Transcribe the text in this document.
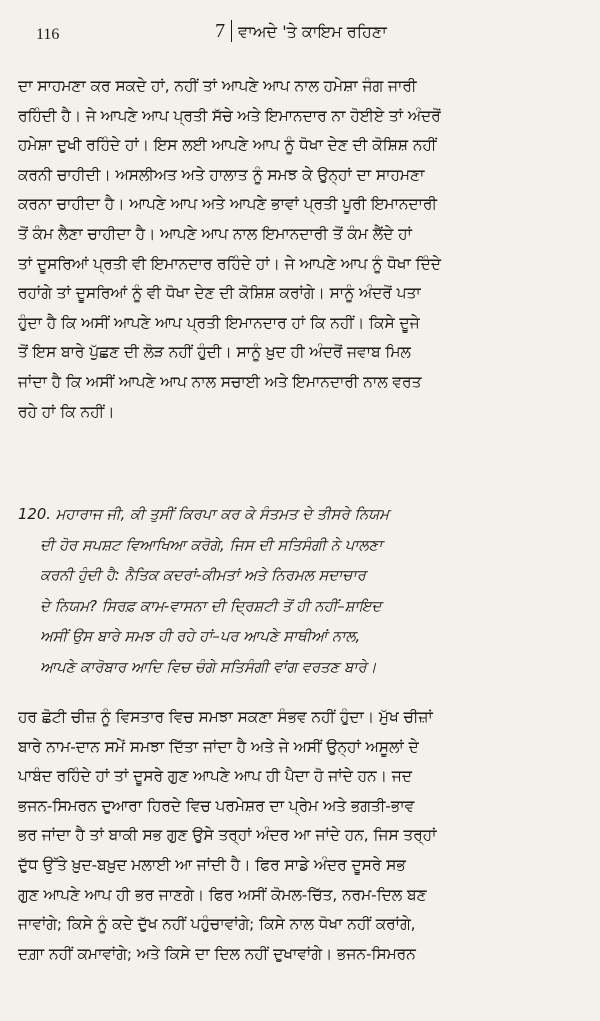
116	7 ਵਾਅਦੇ 'ਤੇ ਕਾਇਮ ਰਹਿਣਾ

ਦਾ ਸਾਹਮਣਾ ਕਰ ਸਕਦੇ ਹਾਂ, ਨਹੀਂ ਤਾਂ ਆਪਣੇ ਆਪ ਨਾਲ ਹਮੇਸ਼ਾ ਜੰਗ ਜਾਰੀ

ਰਹਿੰਦੀ ਹੈ। ਜੇ ਆਪਣੇ ਆਪ ਪ੍ਰਤੀ ਸੱਚੇ ਅਤੇ ਇਮਾਨਦਾਰ ਨਾ ਹੋਈਏ ਤਾਂ ਅੰਦਰੋਂ

ਹਮੇਸ਼ਾ ਦੁਖੀ ਰਹਿੰਦੇ ਹਾਂ। ਇਸ ਲਈ ਆਪਣੇ ਆਪ ਨੂੰ ਧੋਖਾ ਦੇਣ ਦੀ ਕੋਸ਼ਿਸ਼ ਨਹੀਂ

ਕਰਨੀ ਚਾਹੀਦੀ। ਅਸਲੀਅਤ ਅਤੇ ਹਾਲਾਤ ਨੂੰ ਸਮਝ ਕੇ ਉਨ੍ਹਾਂ ਦਾ ਸਾਹਮਣਾ

ਕਰਨਾ ਚਾਹੀਦਾ ਹੈ। ਆਪਣੇ ਆਪ ਅਤੇ ਆਪਣੇ ਭਾਵਾਂ ਪ੍ਰਤੀ ਪੂਰੀ ਇਮਾਨਦਾਰੀ

ਤੋਂ ਕੰਮ ਲੈਣਾ ਚਾਹੀਦਾ ਹੈ। ਆਪਣੇ ਆਪ ਨਾਲ ਇਮਾਨਦਾਰੀ ਤੋਂ ਕੰਮ ਲੈਂਦੇ ਹਾਂ

ਤਾਂ ਦੂਸਰਿਆਂ ਪ੍ਰਤੀ ਵੀ ਇਮਾਨਦਾਰ ਰਹਿੰਦੇ ਹਾਂ। ਜੇ ਆਪਣੇ ਆਪ ਨੂੰ ਧੋਖਾ ਦਿੰਦੇ

ਰਹਾਂਗੇ ਤਾਂ ਦੂਸਰਿਆਂ ਨੂੰ ਵੀ ਧੋਖਾ ਦੇਣ ਦੀ ਕੋਸ਼ਿਸ਼ ਕਰਾਂਗੇ। ਸਾਨੂੰ ਅੰਦਰੋਂ ਪਤਾ

ਹੁੰਦਾ ਹੈ ਕਿ ਅਸੀਂ ਆਪਣੇ ਆਪ ਪ੍ਰਤੀ ਇਮਾਨਦਾਰ ਹਾਂ ਕਿ ਨਹੀਂ। ਕਿਸੇ ਦੂਜੇ

ਤੋਂ ਇਸ ਬਾਰੇ ਪੁੱਛਣ ਦੀ ਲੋੜ ਨਹੀਂ ਹੁੰਦੀ। ਸਾਨੂੰ ਖ਼ੁਦ ਹੀ ਅੰਦਰੋਂ ਜਵਾਬ ਮਿਲ

ਜਾਂਦਾ ਹੈ ਕਿ ਅਸੀਂ ਆਪਣੇ ਆਪ ਨਾਲ ਸਚਾਈ ਅਤੇ ਇਮਾਨਦਾਰੀ ਨਾਲ ਵਰਤ

ਰਹੇ ਹਾਂ ਕਿ ਨਹੀਂ।

120. ਮਹਾਰਾਜ ਜੀ, ਕੀ ਤੁਸੀਂ ਕਿਰਪਾ ਕਰ ਕੇ ਸੰਤਮਤ ਦੇ ਤੀਸਰੇ ਨਿਯਮ

ਦੀ ਹੋਰ ਸਪਸ਼ਟ ਵਿਆਖਿਆ ਕਰੋਗੇ, ਜਿਸ ਦੀ ਸਤਿਸੰਗੀ ਨੇ ਪਾਲਣਾ

ਕਰਨੀ ਹੁੰਦੀ ਹੈ: ਨੈਤਿਕ ਕਦਰਾਂ-ਕੀਮਤਾਂ ਅਤੇ ਨਿਰਮਲ ਸਦਾਚਾਰ

ਦੇ ਨਿਯਮ? ਸਿਰਫ਼ ਕਾਮ-ਵਾਸਨਾ ਦੀ ਦ੍ਰਿਸ਼ਟੀ ਤੋਂ ਹੀ ਨਹੀਂ–ਸ਼ਾਇਦ

ਅਸੀਂ ਉਸ ਬਾਰੇ ਸਮਝ ਹੀ ਰਹੇ ਹਾਂ–ਪਰ ਆਪਣੇ ਸਾਥੀਆਂ ਨਾਲ,

ਆਪਣੇ ਕਾਰੋਬਾਰ ਆਦਿ ਵਿਚ ਚੰਗੇ ਸਤਿਸੰਗੀ ਵਾਂਗ ਵਰਤਣ ਬਾਰੇ।

ਹਰ ਛੋਟੀ ਚੀਜ਼ ਨੂੰ ਵਿਸਤਾਰ ਵਿਚ ਸਮਝਾ ਸਕਣਾ ਸੰਭਵ ਨਹੀਂ ਹੁੰਦਾ। ਮੁੱਖ ਚੀਜ਼ਾਂ

ਬਾਰੇ ਨਾਮ-ਦਾਨ ਸਮੇਂ ਸਮਝਾ ਦਿੱਤਾ ਜਾਂਦਾ ਹੈ ਅਤੇ ਜੇ ਅਸੀਂ ਉਨ੍ਹਾਂ ਅਸੂਲਾਂ ਦੇ

ਪਾਬੰਦ ਰਹਿੰਦੇ ਹਾਂ ਤਾਂ ਦੂਸਰੇ ਗੁਣ ਆਪਣੇ ਆਪ ਹੀ ਪੈਦਾ ਹੋ ਜਾਂਦੇ ਹਨ। ਜਦ

ਭਜਨ-ਸਿਮਰਨ ਦੁਆਰਾ ਹਿਰਦੇ ਵਿਚ ਪਰਮੇਸ਼ਰ ਦਾ ਪ੍ਰੇਮ ਅਤੇ ਭਗਤੀ-ਭਾਵ

ਭਰ ਜਾਂਦਾ ਹੈ ਤਾਂ ਬਾਕੀ ਸਭ ਗੁਣ ਉਸੇ ਤਰ੍ਹਾਂ ਅੰਦਰ ਆ ਜਾਂਦੇ ਹਨ, ਜਿਸ ਤਰ੍ਹਾਂ

ਦੁੱਧ ਉੱਤੇ ਖ਼ੁਦ-ਬਖ਼ੁਦ ਮਲਾਈ ਆ ਜਾਂਦੀ ਹੈ। ਫਿਰ ਸਾਡੇ ਅੰਦਰ ਦੂਸਰੇ ਸਭ

ਗੁਣ ਆਪਣੇ ਆਪ ਹੀ ਭਰ ਜਾਣਗੇ। ਫਿਰ ਅਸੀਂ ਕੋਮਲ-ਚਿੱਤ, ਨਰਮ-ਦਿਲ ਬਣ

ਜਾਵਾਂਗੇ; ਕਿਸੇ ਨੂੰ ਕਦੇ ਦੁੱਖ ਨਹੀਂ ਪਹੁੰਚਾਵਾਂਗੇ; ਕਿਸੇ ਨਾਲ ਧੋਖਾ ਨਹੀਂ ਕਰਾਂਗੇ,

ਦਗ਼ਾ ਨਹੀਂ ਕਮਾਵਾਂਗੇ; ਅਤੇ ਕਿਸੇ ਦਾ ਦਿਲ ਨਹੀਂ ਦੁਖਾਵਾਂਗੇ। ਭਜਨ-ਸਿਮਰਨ
